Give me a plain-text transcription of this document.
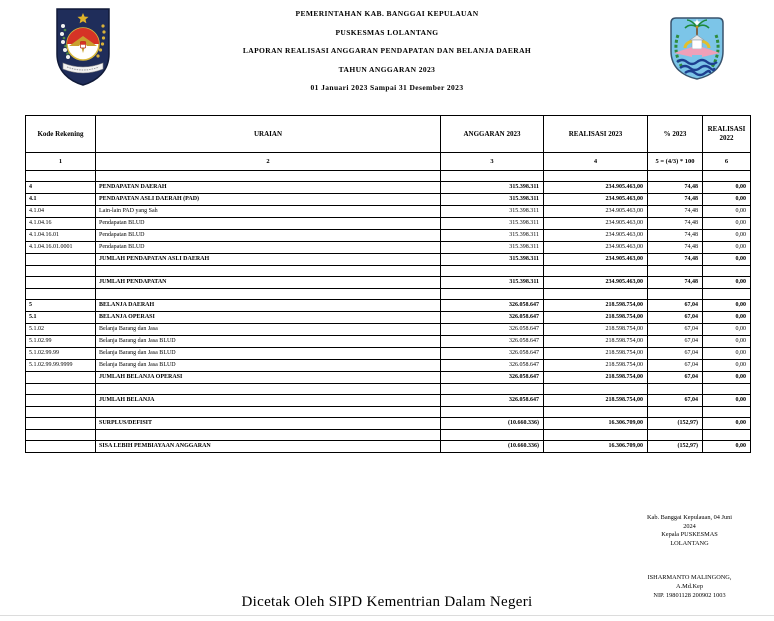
PEMERINTAHAN KAB. BANGGAI KEPULAUAN
PUSKESMAS LOLANTANG
LAPORAN REALISASI ANGGARAN PENDAPATAN DAN BELANJA DAERAH
TAHUN ANGGARAN 2023
01 Januari 2023 Sampai 31 Desember 2023
Kode Rekening	URAIAN	ANGGARAN 2023	REALISASI 2023	% 2023	REALISASI 2022
1	2	3	4	5 = (4/3) * 100	6

4	PENDAPATAN DAERAH	315.398.311	234.905.463,00	74,48	0,00
4.1	PENDAPATAN ASLI DAERAH (PAD)	315.398.311	234.905.463,00	74,48	0,00
4.1.04	Lain-lain PAD yang Sah	315.398.311	234.905.463,00	74,48	0,00
4.1.04.16	Pendapatan BLUD	315.398.311	234.905.463,00	74,48	0,00
4.1.04.16.01	Pendapatan BLUD	315.398.311	234.905.463,00	74,48	0,00
4.1.04.16.01.0001	Pendapatan BLUD	315.398.311	234.905.463,00	74,48	0,00
	JUMLAH PENDAPATAN ASLI DAERAH	315.398.311	234.905.463,00	74,48	0,00

	JUMLAH PENDAPATAN	315.398.311	234.905.463,00	74,48	0,00

5	BELANJA DAERAH	326.058.647	218.598.754,00	67,04	0,00
5.1	BELANJA OPERASI	326.058.647	218.598.754,00	67,04	0,00
5.1.02	Belanja Barang dan Jasa	326.058.647	218.598.754,00	67,04	0,00
5.1.02.99	Belanja Barang dan Jasa BLUD	326.058.647	218.598.754,00	67,04	0,00
5.1.02.99.99	Belanja Barang dan Jasa BLUD	326.058.647	218.598.754,00	67,04	0,00
5.1.02.99.99.9999	Belanja Barang dan Jasa BLUD	326.058.647	218.598.754,00	67,04	0,00
	JUMLAH BELANJA OPERASI	326.058.647	218.598.754,00	67,04	0,00

	JUMLAH BELANJA	326.058.647	218.598.754,00	67,04	0,00

	SURPLUS/DEFISIT	(10.660.336)	16.306.709,00	(152,97)	0,00

	SISA LEBIH PEMBIAYAAN ANGGARAN	(10.660.336)	16.306.709,00	(152,97)	0,00
Kab. Banggai Kepulauan, 04 Juni 2024
Kepala PUSKESMAS
LOLANTANG
ISHARMANTO MALINGONG,
A.Md.Kep
NIP. 19801128 200902 1003
Dicetak Oleh SIPD Kementrian Dalam Negeri
